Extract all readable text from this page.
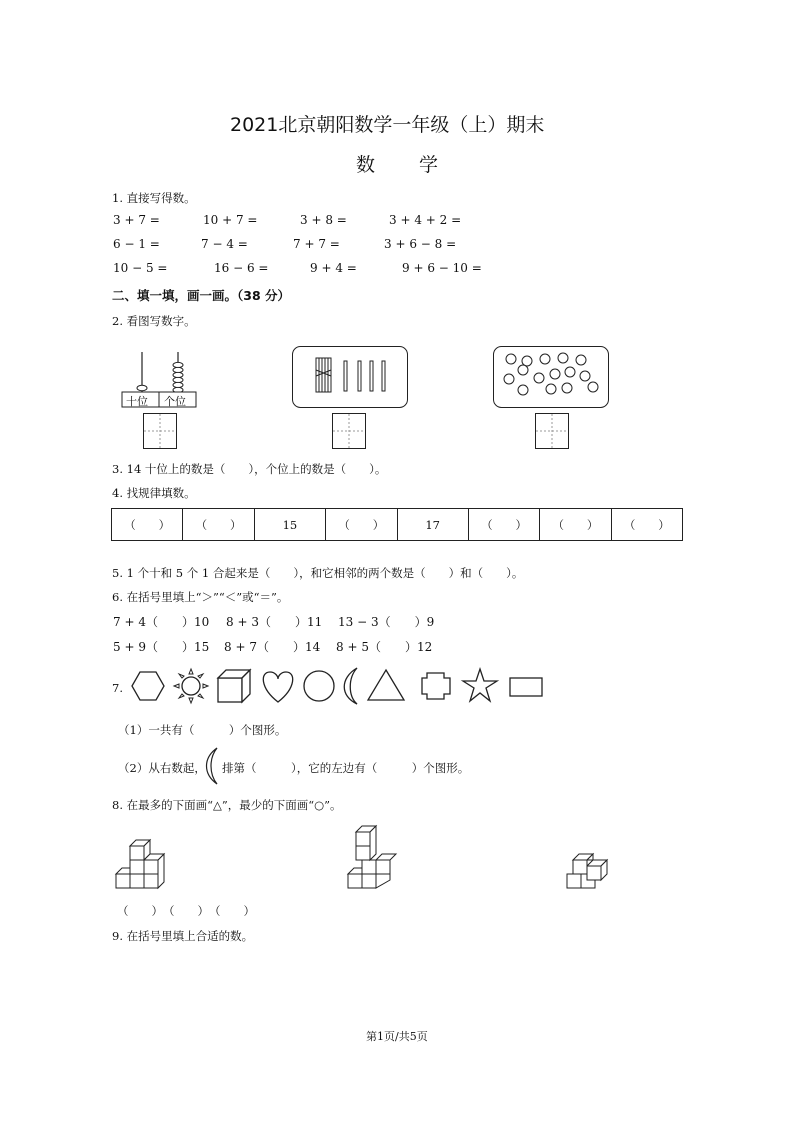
2021北京朝阳数学一年级（上）期末
数　　学
1. 直接写得数。
3 + 7 =	10 + 7 =	3 + 8 =	3 + 4 + 2 =
6 − 1 =	7 − 4 =	7 + 7 =	3 + 6 − 8 =
10 − 5 =	16 − 6 =	9 + 4 =	9 + 6 − 10 =
二、填一填，画一画。（38 分）
2. 看图写数字。
十位 个位
3. 14 十位上的数是（　　），个位上的数是（　　）。
4. 找规律填数。
（　　）	（　　）	15	（　　）	17	（　　）	（　　）	（　　）
5. 1 个十和 5 个 1 合起来是（　　），和它相邻的两个数是（　　）和（　　）。
6. 在括号里填上“＞”“＜”或“＝”。
7 + 4（　　）10 8 + 3（　　）11 13 − 3（　　）9
5 + 9（　　）15 8 + 7（　　）14 8 + 5（　　）12
7.
（1）一共有（　　　）个图形。
（2）从右数起， 排第（　　　），它的左边有（　　　）个图形。
8. 在最多的下面画“△”，最少的下面画“○”。
（　　）　（　　）　（　　）
9. 在括号里填上合适的数。
第1页/共5页
